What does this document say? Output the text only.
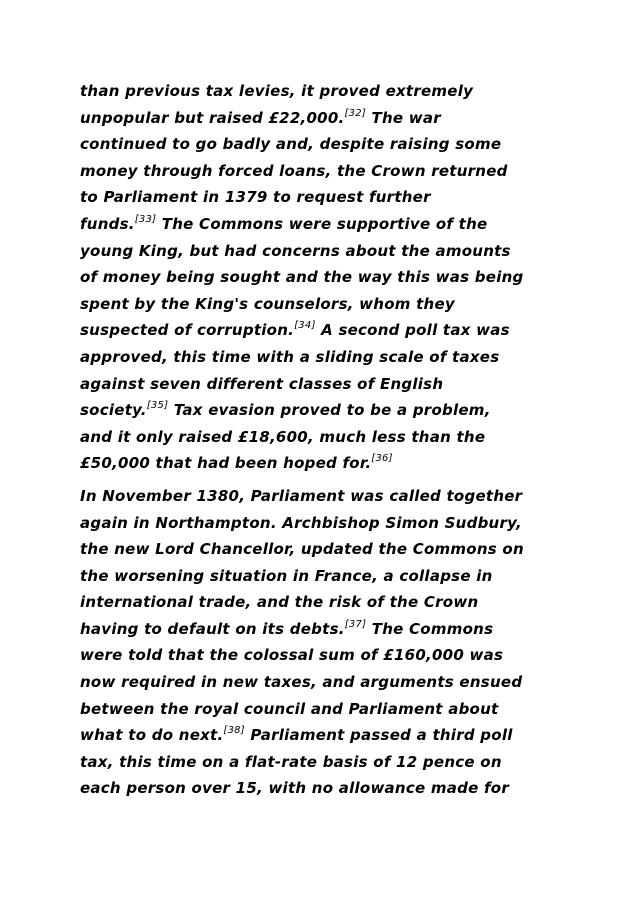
than previous tax levies, it proved extremely
unpopular but raised £22,000.[32] The war
continued to go badly and, despite raising some
money through forced loans, the Crown returned
to Parliament in 1379 to request further
funds.[33] The Commons were supportive of the
young King, but had concerns about the amounts
of money being sought and the way this was being
spent by the King's counselors, whom they
suspected of corruption.[34] A second poll tax was
approved, this time with a sliding scale of taxes
against seven different classes of English
society.[35] Tax evasion proved to be a problem,
and it only raised £18,600, much less than the
£50,000 that had been hoped for.[36]
In November 1380, Parliament was called together
again in Northampton. Archbishop Simon Sudbury,
the new Lord Chancellor, updated the Commons on
the worsening situation in France, a collapse in
international trade, and the risk of the Crown
having to default on its debts.[37] The Commons
were told that the colossal sum of £160,000 was
now required in new taxes, and arguments ensued
between the royal council and Parliament about
what to do next.[38] Parliament passed a third poll
tax, this time on a flat-rate basis of 12 pence on
each person over 15, with no allowance made for
